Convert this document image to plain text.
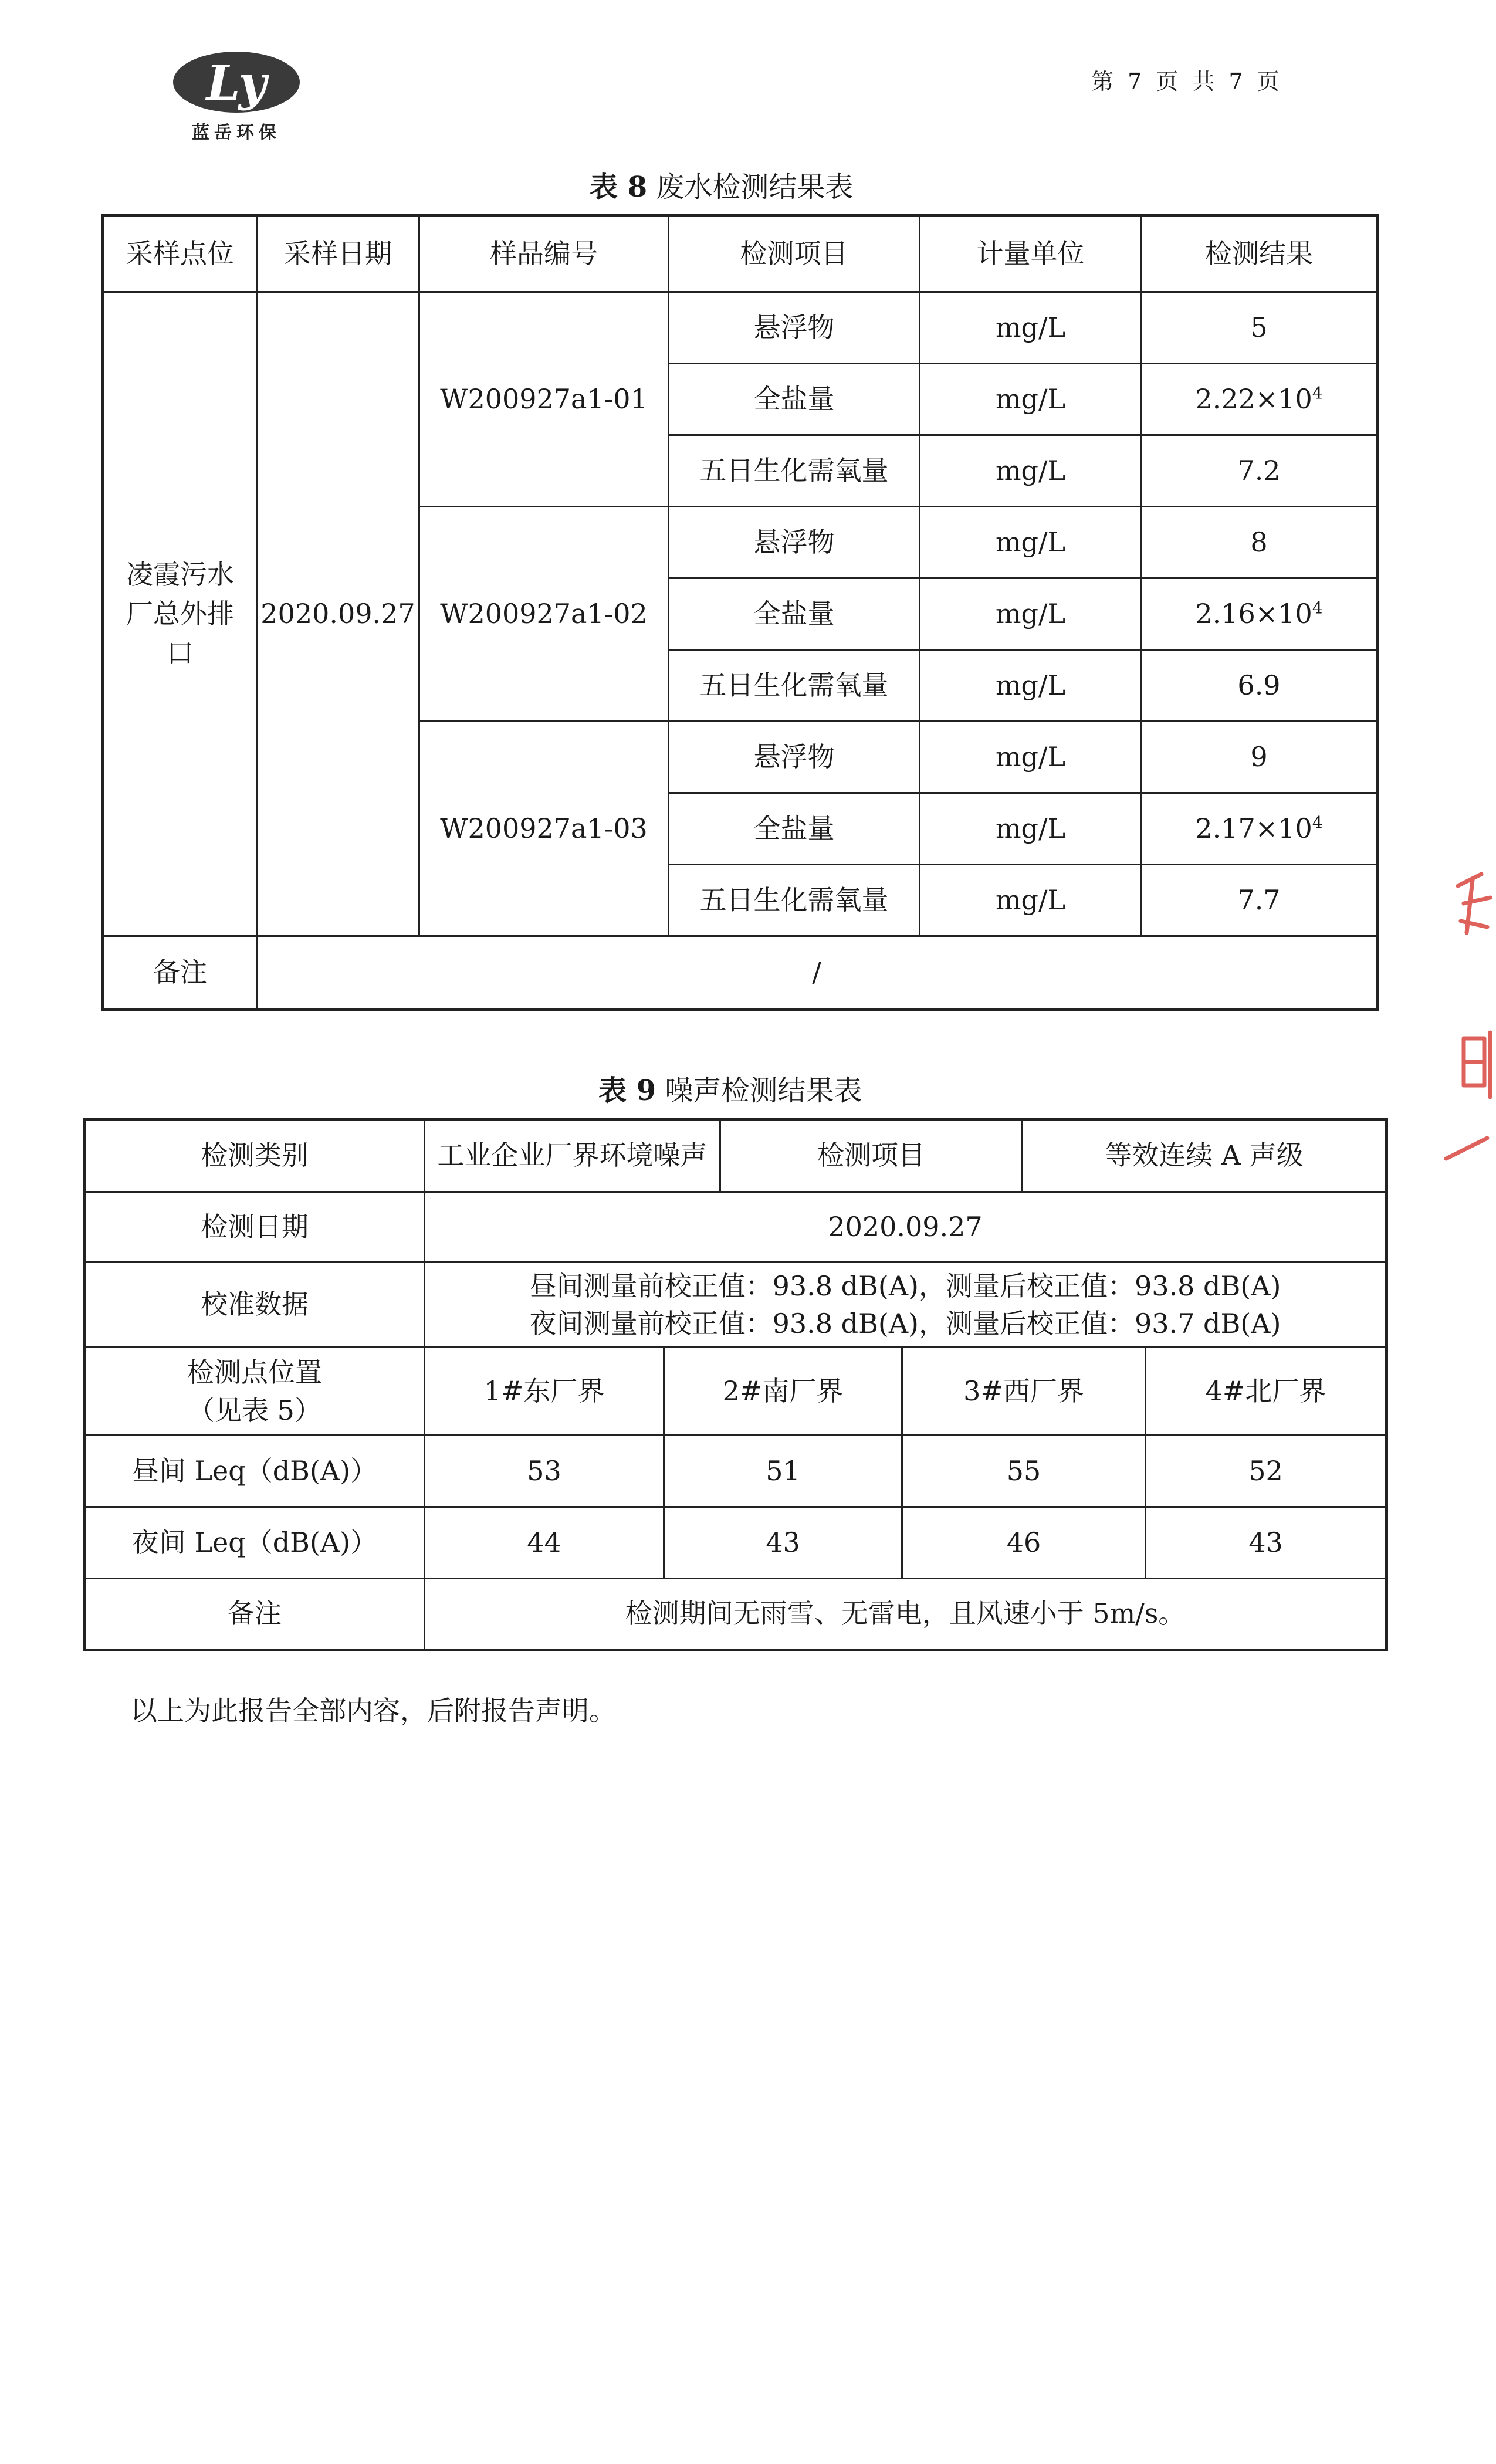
Ly
蓝岳环保
第 7 页 共 7 页
表 8 废水检测结果表
采样点位	采样日期	样品编号	检测项目	计量单位	检测结果
凌霞污水厂总外排口	2020.09.27	W200927a1-01	悬浮物	mg/L	5
			全盐量	mg/L	$2.22\times 10^4$
			五日生化需氧量	mg/L	7.2
		W200927a1-02	悬浮物	mg/L	8
			全盐量	mg/L	$2.16\times 10^4$
			五日生化需氧量	mg/L	6.9
		W200927a1-03	悬浮物	mg/L	9
			全盐量	mg/L	$2.17\times 10^4$
			五日生化需氧量	mg/L	7.7
备注	/				
表 9 噪声检测结果表
检测类别	工业企业厂界环境噪声		检测项目		等效连续 A 声级	
检测日期	2020.09.27					
校准数据	昼间测量前校正值：93.8 dB(A)，测量后校正值：93.8 dB(A)
夜间测量前校正值：93.8 dB(A)，测量后校正值：93.7 dB(A)					

检测点位置
（见表 5）	1#东厂界	2#南厂界		3#西厂界		4#北厂界
昼间 Leq（dB(A)）	53	51		55		52
夜间 Leq（dB(A)）	44	43		46		43
备注	检测期间无雨雪、无雷电，且风速小于 5m/s。					
以上为此报告全部内容，后附报告声明。
